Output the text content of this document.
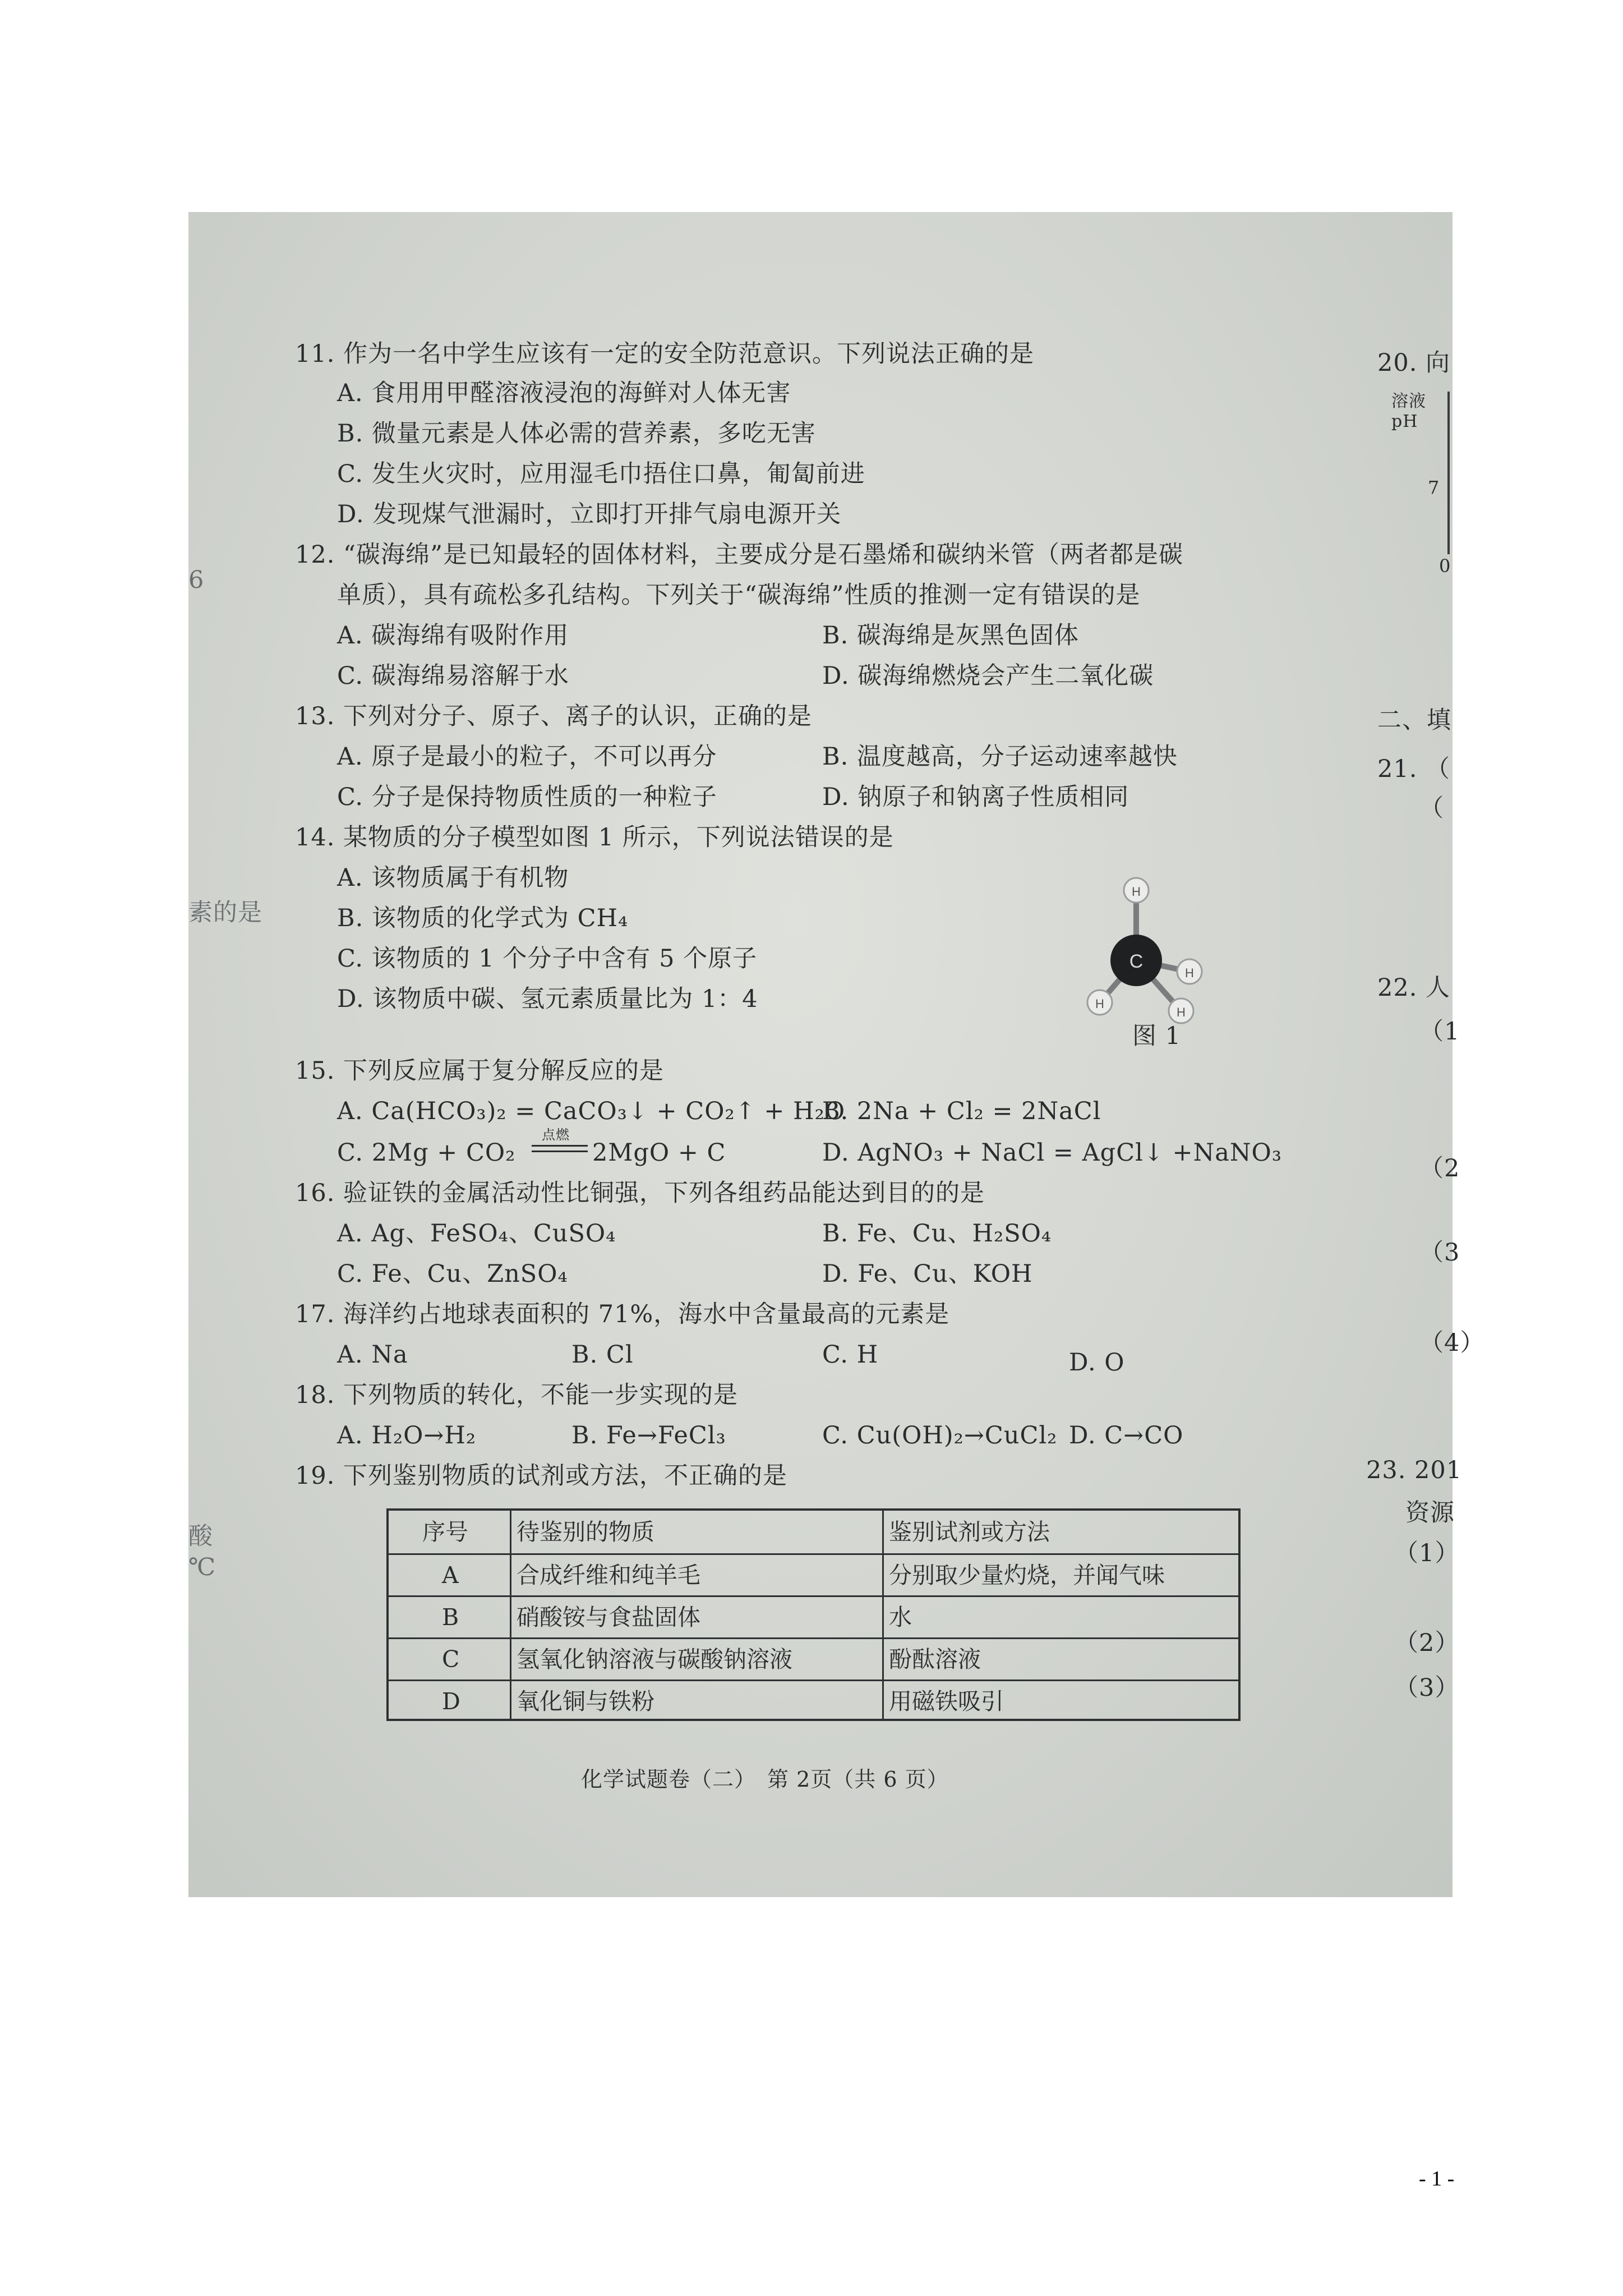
素的是
酸
℃
6
11. 作为一名中学生应该有一定的安全防范意识。下列说法正确的是
A. 食用用甲醛溶液浸泡的海鲜对人体无害
B. 微量元素是人体必需的营养素，多吃无害
C. 发生火灾时，应用湿毛巾捂住口鼻，匍匐前进
D. 发现煤气泄漏时，立即打开排气扇电源开关
12. “碳海绵”是已知最轻的固体材料，主要成分是石墨烯和碳纳米管（两者都是碳
单质），具有疏松多孔结构。下列关于“碳海绵”性质的推测一定有错误的是
A. 碳海绵有吸附作用	B. 碳海绵是灰黑色固体
C. 碳海绵易溶解于水	D. 碳海绵燃烧会产生二氧化碳
13. 下列对分子、原子、离子的认识，正确的是
A. 原子是最小的粒子，不可以再分	B. 温度越高，分子运动速率越快
C. 分子是保持物质性质的一种粒子	D. 钠原子和钠离子性质相同
14. 某物质的分子模型如图 1 所示，下列说法错误的是
A. 该物质属于有机物
B. 该物质的化学式为 CH₄
C. 该物质的 1 个分子中含有 5 个原子
D. 该物质中碳、氢元素质量比为 1：4
C
H
H
H
H
图 1
15. 下列反应属于复分解反应的是
A. Ca(HCO₃)₂ = CaCO₃↓ + CO₂↑ + H₂O
B. 2Na + Cl₂ = 2NaCl
C. 2Mg + CO₂
点燃
2MgO + C	D. AgNO₃ + NaCl = AgCl↓ +NaNO₃
16. 验证铁的金属活动性比铜强，下列各组药品能达到目的的是
A. Ag、FeSO₄、CuSO₄	B. Fe、Cu、H₂SO₄
C. Fe、Cu、ZnSO₄	D. Fe、Cu、KOH
17. 海洋约占地球表面积的 71%，海水中含量最高的元素是
A. Na	B. Cl	C. H	D. O
18. 下列物质的转化，不能一步实现的是
A. H₂O→H₂	B. Fe→FeCl₃	C. Cu(OH)₂→CuCl₂ D. C→CO
19. 下列鉴别物质的试剂或方法，不正确的是
序号 待鉴别的物质	鉴别试剂或方法
A	合成纤维和纯羊毛	分别取少量灼烧，并闻气味
B	硝酸铵与食盐固体	水
C 氢氧化钠溶液与碳酸钠溶液	酚酞溶液
D 氧化铜与铁粉	用磁铁吸引
化学试题卷（二）　第 2页（共 6 页）
20. 向
溶液
pH
7
0
二、填
21. （
（
22. 人
（1
（2
（3
（4）
23. 201
资源
（1）
（2）
（3）
- 1 -
